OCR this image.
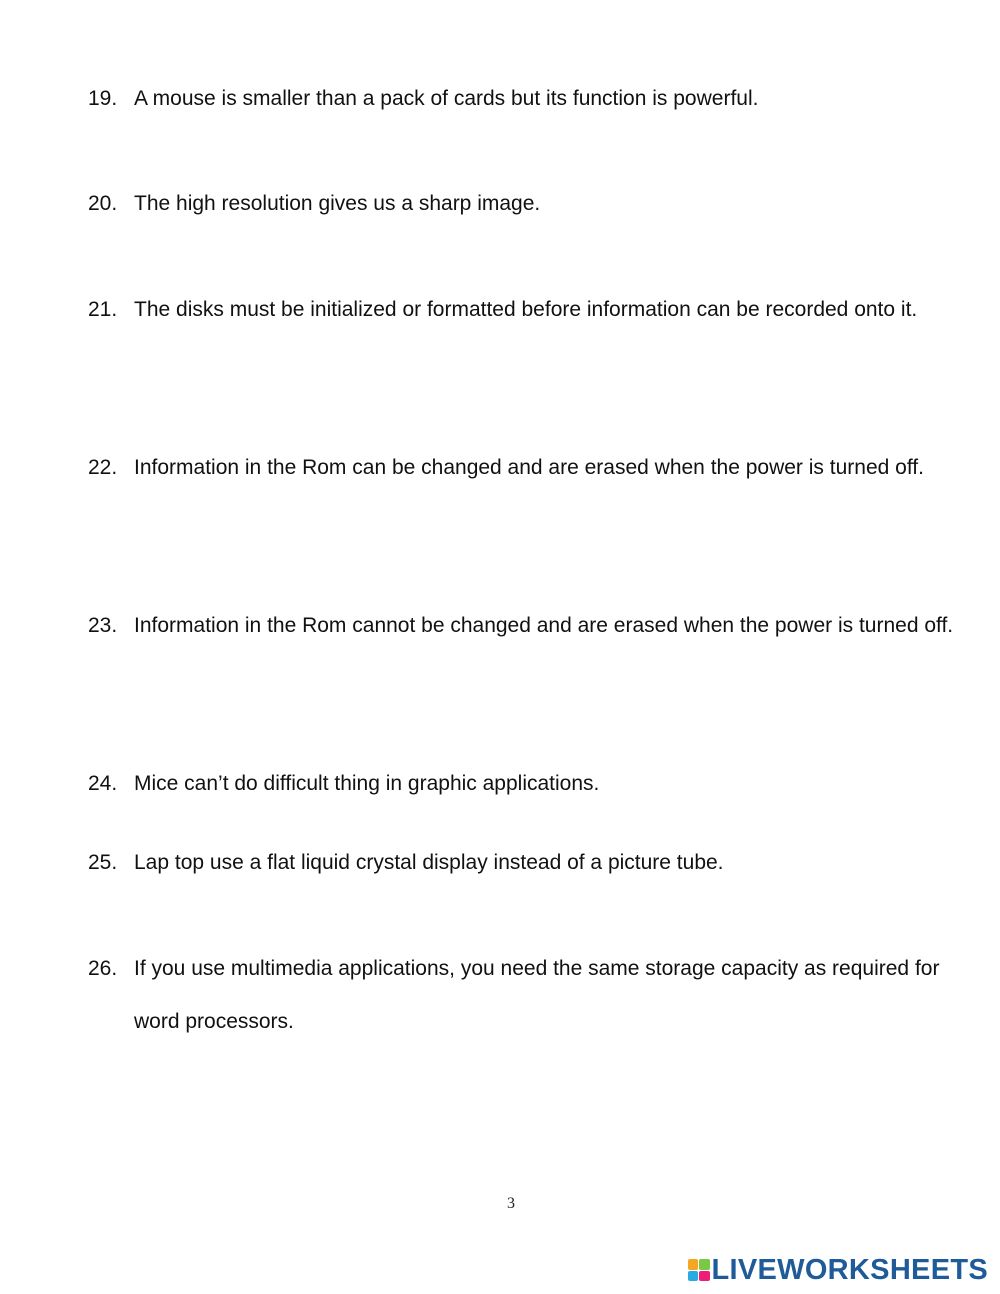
19. A mouse is smaller than a pack of cards but its function is powerful.
20. The high resolution gives us a sharp image.
21. The disks must be initialized or formatted before information can be recorded onto it.
22. Information in the Rom can be changed and are erased when the power is turned off.
23. Information in the Rom cannot be changed and are erased when the power is turned off.
24. Mice can’t do difficult thing in graphic applications.
25. Lap top use a flat liquid crystal display instead of a picture tube.
26. If you use multimedia applications, you need the same storage capacity as required for word processors.
3
LIVEWORKSHEETS
